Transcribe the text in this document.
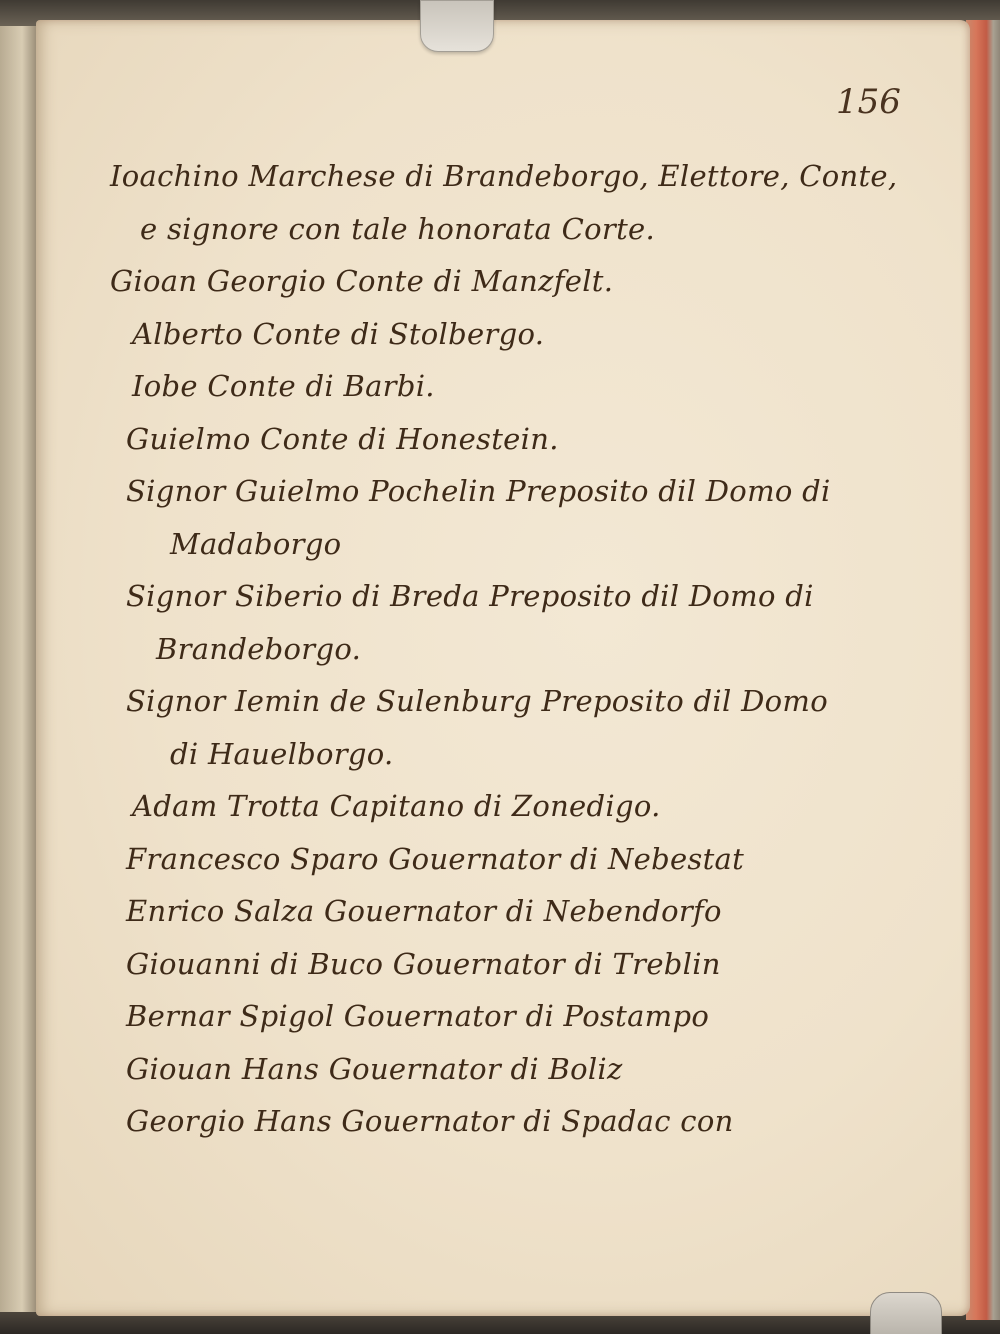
156
Ioachino Marchese di Brandeborgo, Elettore, Conte,
e signore con tale honorata Corte.
Gioan Georgio Conte di Manzfelt.
Alberto Conte di Stolbergo.
Iobe Conte di Barbi.
Guielmo Conte di Honestein.
Signor Guielmo Pochelin Preposito dil Domo di
Madaborgo
Signor Siberio di Breda Preposito dil Domo di
Brandeborgo.
Signor Iemin de Sulenburg Preposito dil Domo
di Hauelborgo.
Adam Trotta Capitano di Zonedigo.
Francesco Sparo Gouernator di Nebestat
Enrico Salza Gouernator di Nebendorfo
Giouanni di Buco Gouernator di Treblin
Bernar Spigol Gouernator di Postampo
Giouan Hans Gouernator di Boliz
Georgio Hans Gouernator di Spadac con
